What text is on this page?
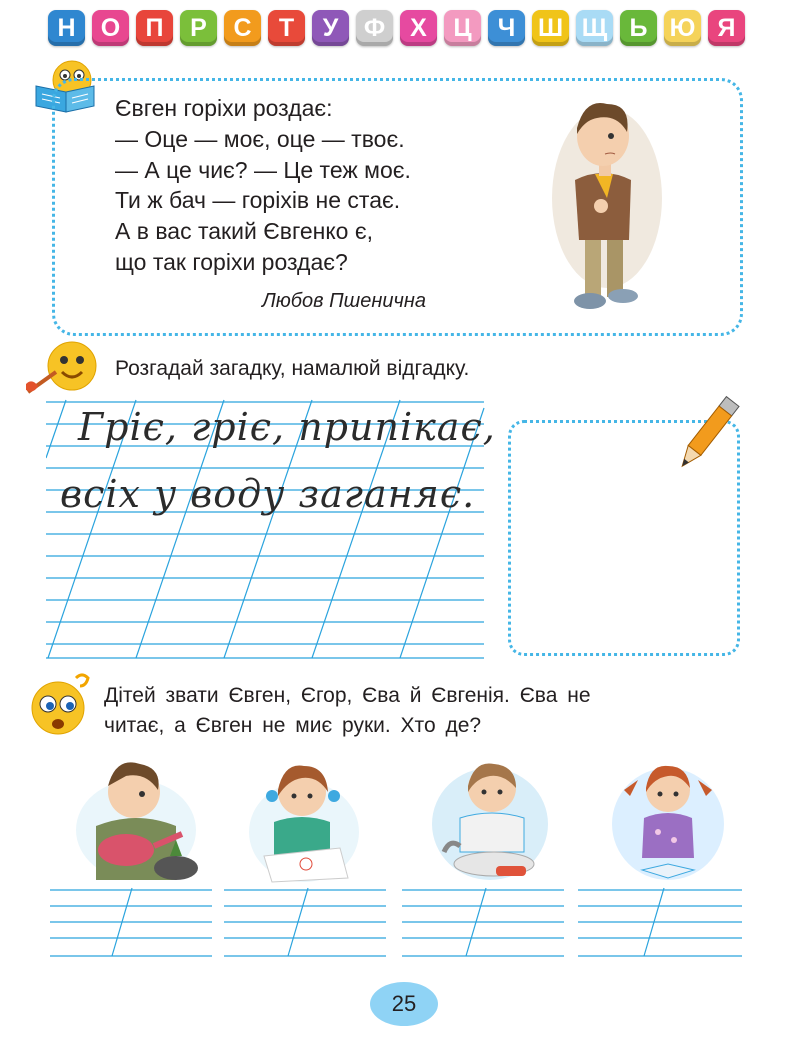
Н	О	П	Р	С	Т	У	Ф Х	Ц	Ч Ш Щ Ь Ю Я
Євген горіхи роздає:
— Оце — моє, оце — твоє.
— А це чиє? — Це теж моє.
Ти ж бач — горіхів не стає.
А в вас такий Євгенко є,
що так горіхи роздає?
Любов Пшенична
Розгадай загадку, намалюй відгадку.
Гріє, гріє, припікає,
всіх у воду заганяє.
Дітей звати Євген, Єгор, Єва й Євгенія. Єва не
читає, а Євген не миє руки. Хто де?
25
